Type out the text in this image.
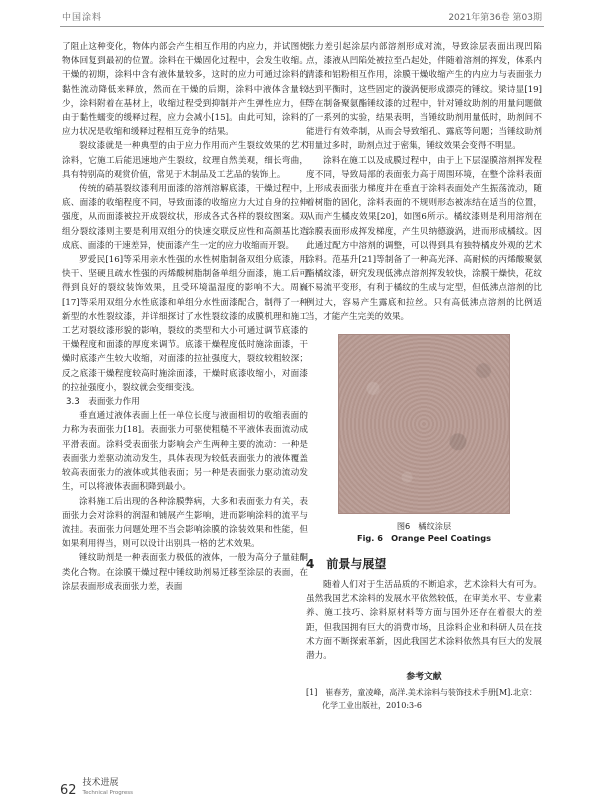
中国涂料	2021年第36卷 第03期

了阻止这种变化，物体内部会产生相互作用的内应力，并试图使物体回复到最初的位置。涂料在干燥固化过程中，会发生收缩。干燥的初期，涂料中含有液体量较多，这时的应力可通过涂料的黏性流动降低来释放，然而在干燥的后期，涂料中液体含量较少，涂料附着在基材上，收缩过程受到抑制并产生弹性应力，但由于黏性蠕变的缓释过程，应力会减小[15]。由此可知，涂料的应力状况是收缩和缓释过程相互竞争的结果。

裂纹漆就是一种典型的由于应力作用而产生裂纹效果的艺术涂料，它施工后能迅速地产生裂纹，纹理自然美观，细长弯曲，具有特别高的观赏价值，常见于木制品及工艺品的装饰上。

传统的硝基裂纹漆利用面漆的溶剂溶解底漆，干燥过程中，底、面漆的收缩程度不同，导致面漆的收缩应力大过自身的拉伸强度，从而面漆被拉开成裂纹状，形成各式各样的裂纹图案。双组分裂纹漆则主要是利用双组分的快速交联反应性和高颜基比造成底、面漆的干速差异，使面漆产生一定的应力收缩而开裂。

罗爱民[16]等采用亲水性强的水性树脂制备双组分底漆，用快干、坚硬且疏水性强的丙烯酸树脂制备单组分面漆，施工后可得到良好的裂纹装饰效果，且受环境温湿度的影响不大。周巍[17]等采用双组分水性底漆和单组分水性面漆配合，制得了一种新型的水性裂纹漆，并详细探讨了水性裂纹漆的成膜机理和施工工艺对裂纹漆形貌的影响，裂纹的类型和大小可通过调节底漆的干燥程度和面漆的厚度来调节。底漆干燥程度低时施涂面漆，干燥时底漆产生较大收缩，对面漆的拉扯强度大，裂纹较粗较深；反之底漆干燥程度较高时施涂面漆，干燥时底漆收缩小，对面漆的拉扯强度小，裂纹就会变细变浅。

3.3　表面张力作用

垂直通过液体表面上任一单位长度与液面相切的收缩表面的力称为表面张力[18]。表面张力可驱使粗糙不平液体表面流动成平滑表面。涂料受表面张力影响会产生两种主要的流动：一种是表面张力差驱动流动发生，具体表现为较低表面张力的液体覆盖较高表面张力的液体或其他表面；另一种是表面张力驱动流动发生，可以将液体表面积降到最小。

涂料施工后出现的各种涂膜弊病，大多和表面张力有关，表面张力会对涂料的润湿和铺展产生影响，进而影响涂料的流平与流挂。表面张力问题处理不当会影响涂膜的涂装效果和性能，但如果利用得当，则可以设计出别具一格的艺术效果。

锤纹助剂是一种表面张力极低的液体，一般为高分子量硅酮类化合物。在涂膜干燥过程中锤纹助剂易迁移至涂层的表面，在涂层表面形成表面张力差，表面

张力差引起涂层内部溶剂形成对流，导致涂层表面出现凹陷点，漆液从凹陷处被拉至凸起处，伴随着溶剂的挥发，体系内清漆和铝粉相互作用，涂膜干燥收缩产生的内应力与表面张力达到平衡时，这些固定的漩涡便形成漂亮的锤纹。梁诗显[19]等在制备聚氨酯锤纹漆的过程中，针对锤纹助剂的用量问题做了一系列的实验，结果表明，当锤纹助剂用量低时，助剂间不能进行有效牵制，从而会导致缩孔、露底等问题；当锤纹助剂用量过多时，助剂点过于密集，锤纹效果会变得不明显。

涂料在施工以及成膜过程中，由于上下层湿膜溶剂挥发程度不同，导致局部的表面张力高于周围环境，在整个涂料表面上形成表面张力梯度并在垂直于涂料表面处产生振荡流动，随着树脂的固化，涂料表面的不规则形态被冻结在适当的位置，从而产生橘皮效果[20]，如图6所示。橘纹漆则是利用溶剂在涂膜表面形成挥发梯度，产生贝纳德漩涡，进而形成橘纹。因此通过配方中溶剂的调整，可以得到具有独特橘皮外观的艺术涂料。范基升[21]等制备了一种高光泽、高耐候的丙烯酸聚氨酯橘纹漆，研究发现低沸点溶剂挥发较快，涂膜干燥快，花纹不易流平变形，有利于橘纹的生成与定型，但低沸点溶剂的比例过大，容易产生露底和拉丝。只有高低沸点溶剂的比例适当，才能产生完美的效果。

图6　橘纹涂层

Fig. 6　Orange Peel Coatings

4　前景与展望

随着人们对于生活品质的不断追求，艺术涂料大有可为。虽然我国艺术涂料的发展水平依然较低，在审美水平、专业素养、施工技巧、涂料原材料等方面与国外还存在着很大的差距，但我国拥有巨大的消费市场，且涂料企业和科研人员在技术方面不断探索革新，因此我国艺术涂料依然具有巨大的发展潜力。

参考文献

[1]　崔春芳，童凌峰，高洋.美术涂料与装饰技术手册[M].北京：化学工业出版社，2010:3-6

62 技术进展
Technical Progress
